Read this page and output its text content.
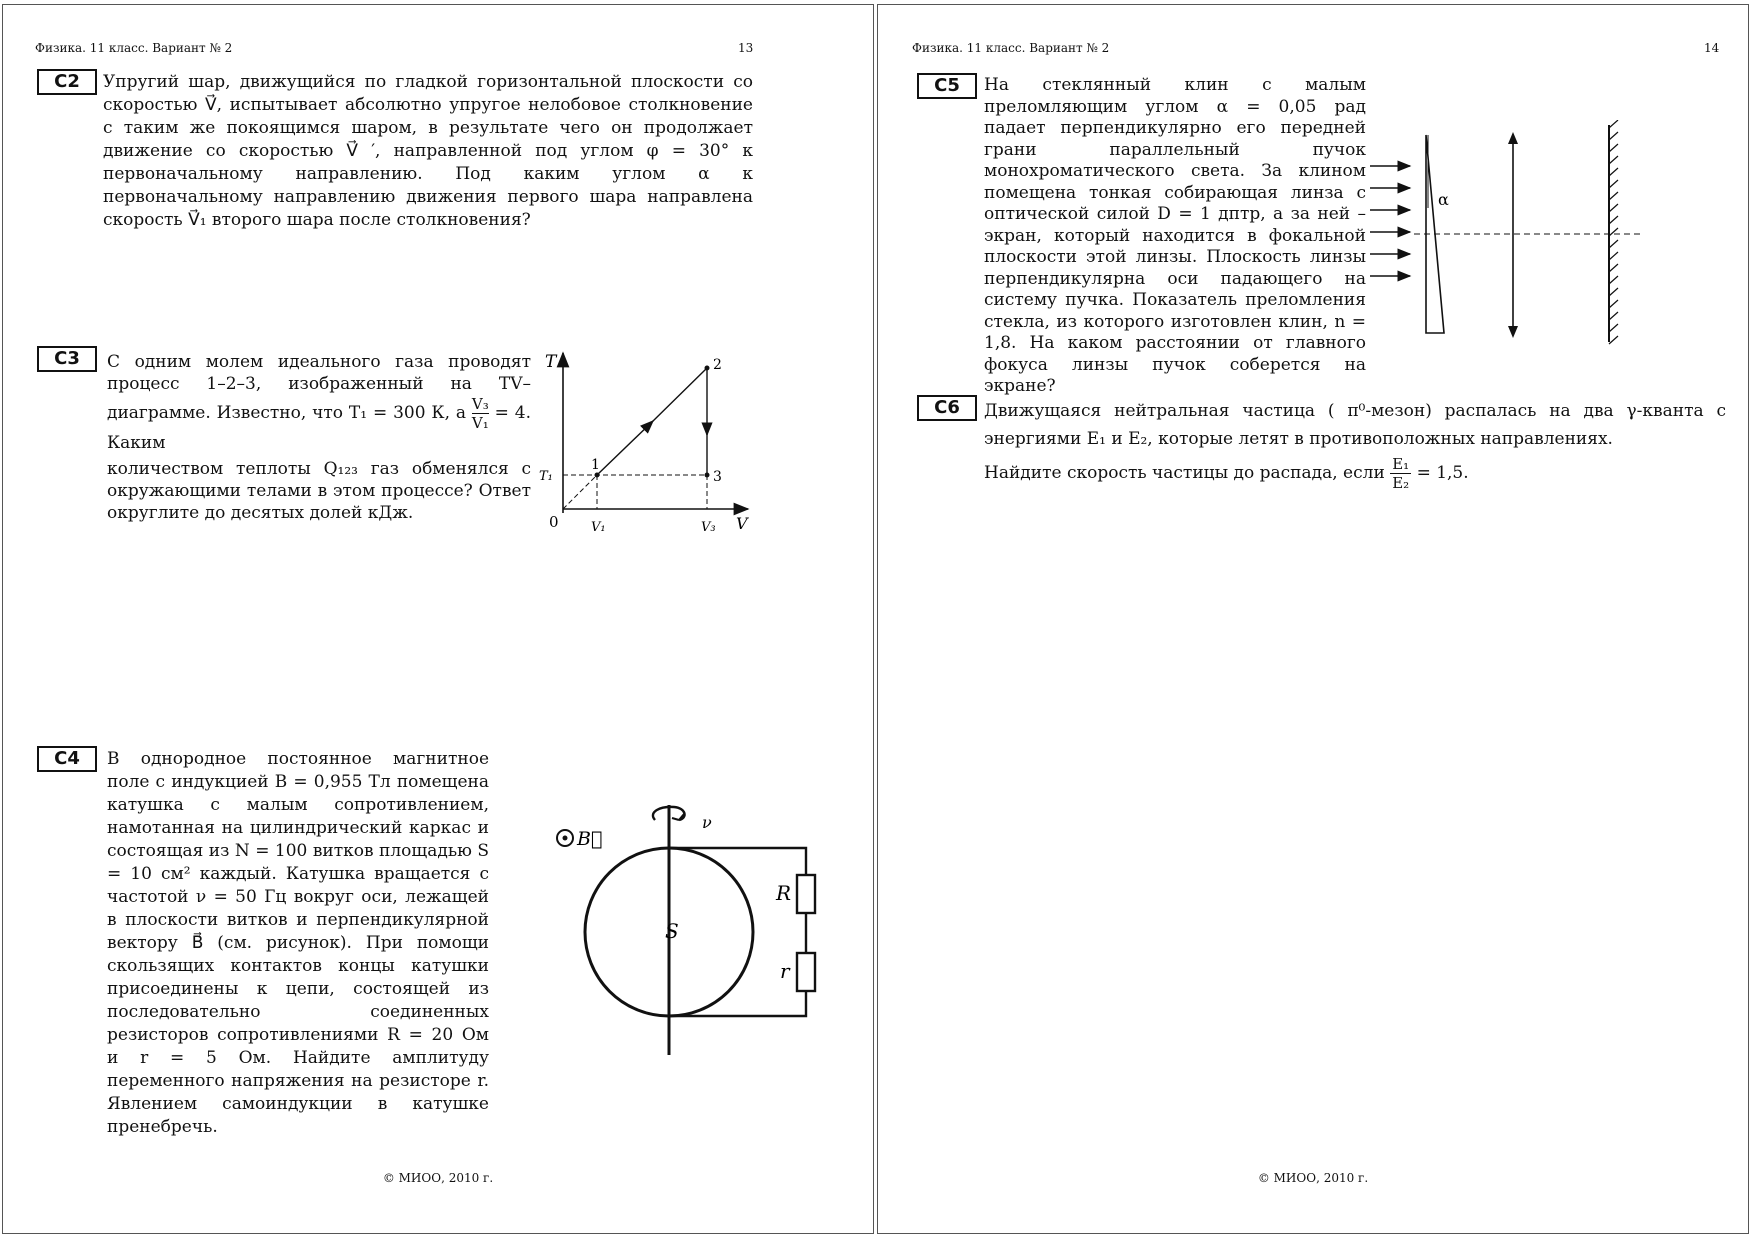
Физика. 11 класс. Вариант № 2	13
C2	Упругий шар, движущийся по гладкой горизонтальной плоскости со скоростью V⃗, испытывает абсолютно упругое нелобовое столкновение с таким же покоящимся шаром, в результате чего он продолжает движение со скоростью V⃗ ′, направленной под углом φ = 30° к первоначальному направлению. Под каким углом α к первоначальному направлению движения первого шара направлена скорость V⃗₁ второго шара после столкновения?
C3	С одним молем идеального газа проводят процесс 1–2–3, изображенный на TV–диаграмме. Известно, что T₁ = 300 К, а $\frac{\text{V₃}}{\text{V₁}} = 4$. Каким

количеством теплоты Q₁₂₃ газ обменялся с окружающими телами в этом процессе? Ответ округлите до десятых долей кДж.

T
V
0
1
2
3
T₁
V₁	V₃
C4	В однородное постоянное магнитное поле с индукцией B = 0,955 Тл помещена катушка с малым сопротивлением, намотанная на цилиндрический каркас и состоящая из N = 100 витков площадью S = 10 см² каждый. Катушка вращается с частотой ν = 50 Гц вокруг оси, лежащей в плоскости витков и перпендикулярной вектору B⃗ (см. рисунок). При помощи скользящих контактов концы катушки присоединены к цепи, состоящей из последовательно соединенных резисторов сопротивлениями R = 20 Ом и r = 5 Ом. Найдите амплитуду переменного напряжения на резисторе r. Явлением самоиндукции в катушке пренебречь.
B⃗
ν
S
R
r
© МИОО, 2010 г.
Физика. 11 класс. Вариант № 2	14
C5	На стеклянный клин с малым преломляющим углом α = 0,05 рад падает перпендикулярно его передней грани параллельный пучок монохроматического света. За клином помещена тонкая собирающая линза с оптической силой D = 1 дптр, а за ней – экран, который находится в фокальной плоскости этой линзы. Плоскость линзы перпендикулярна оси падающего на систему пучка. Показатель преломления стекла, из которого изготовлен клин, n = 1,8. На каком расстоянии от главного фокуса линзы пучок соберется на экране?
α
C6	Движущаяся нейтральная частица ( π⁰-мезон) распалась на два γ-кванта с энергиями E₁ и E₂, которые летят в противоположных направлениях.

Найдите скорость частицы до распада, если $\frac{\text{E₁}}{\text{E₂}} = 1,5$.

© МИОО, 2010 г.
